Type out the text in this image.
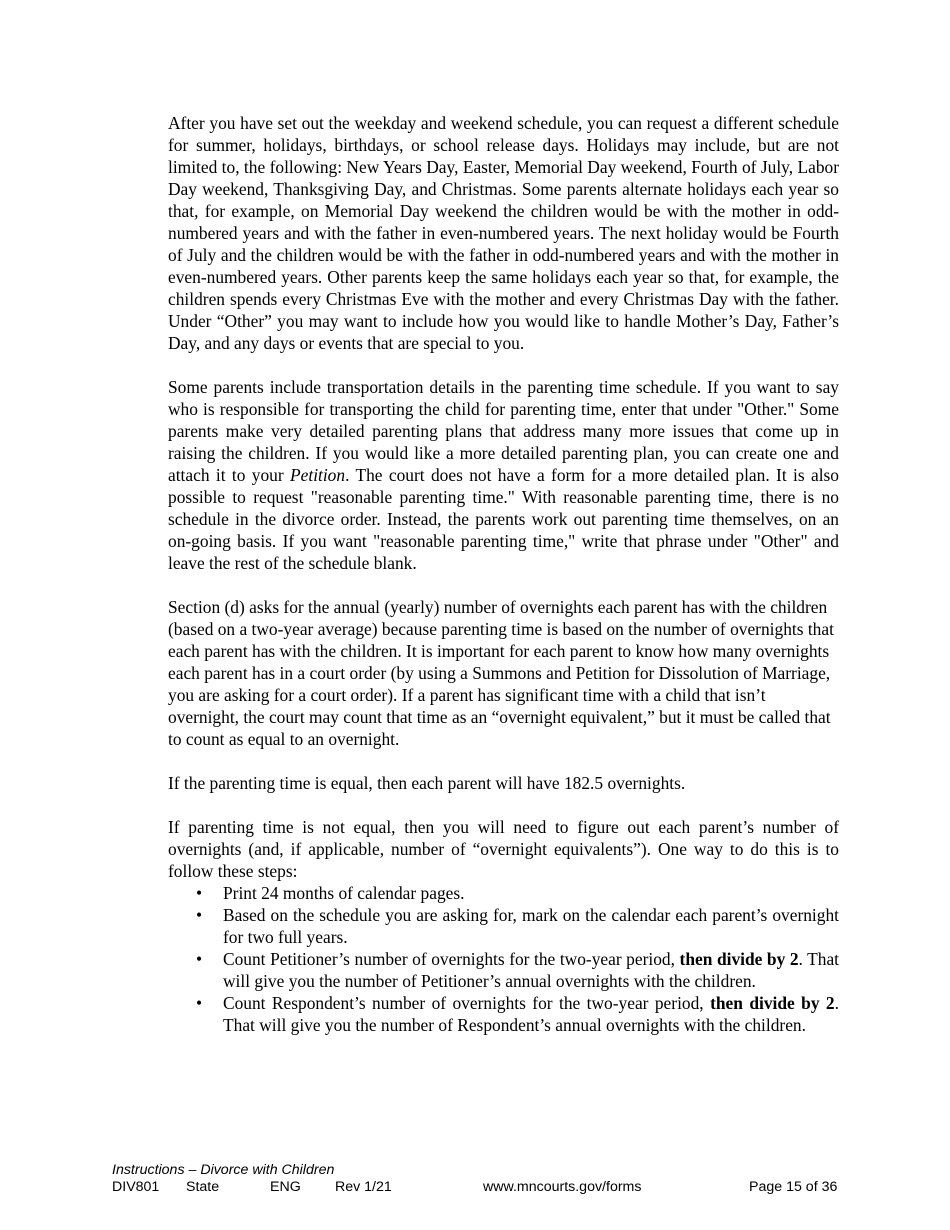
After you have set out the weekday and weekend schedule, you can request a different schedule for summer, holidays, birthdays, or school release days. Holidays may include, but are not limited to, the following: New Years Day, Easter, Memorial Day weekend, Fourth of July, Labor Day weekend, Thanksgiving Day, and Christmas. Some parents alternate holidays each year so that, for example, on Memorial Day weekend the children would be with the mother in odd-numbered years and with the father in even-numbered years. The next holiday would be Fourth of July and the children would be with the father in odd-numbered years and with the mother in even-numbered years. Other parents keep the same holidays each year so that, for example, the children spends every Christmas Eve with the mother and every Christmas Day with the father. Under “Other” you may want to include how you would like to handle Mother’s Day, Father’s Day, and any days or events that are special to you.

Some parents include transportation details in the parenting time schedule. If you want to say who is responsible for transporting the child for parenting time, enter that under "Other." Some parents make very detailed parenting plans that address many more issues that come up in raising the children. If you would like a more detailed parenting plan, you can create one and attach it to your Petition. The court does not have a form for a more detailed plan. It is also possible to request "reasonable parenting time." With reasonable parenting time, there is no schedule in the divorce order. Instead, the parents work out parenting time themselves, on an on-going basis. If you want "reasonable parenting time," write that phrase under "Other" and leave the rest of the schedule blank.

Section (d) asks for the annual (yearly) number of overnights each parent has with the children (based on a two-year average) because parenting time is based on the number of overnights that each parent has with the children. It is important for each parent to know how many overnights each parent has in a court order (by using a Summons and Petition for Dissolution of Marriage, you are asking for a court order). If a parent has significant time with a child that isn’t overnight, the court may count that time as an “overnight equivalent,” but it must be called that to count as equal to an overnight.

If the parenting time is equal, then each parent will have 182.5 overnights.

If parenting time is not equal, then you will need to figure out each parent’s number of overnights (and, if applicable, number of “overnight equivalents”). One way to do this is to follow these steps:

• Print 24 months of calendar pages.
• Based on the schedule you are asking for, mark on the calendar each parent’s overnight for two full years.
• Count Petitioner’s number of overnights for the two-year period, then divide by 2. That will give you the number of Petitioner’s annual overnights with the children.
• Count Respondent’s number of overnights for the two-year period, then divide by 2. That will give you the number of Respondent’s annual overnights with the children.
Instructions – Divorce with Children
DIV801 State	ENG Rev 1/21	www.mncourts.gov/forms	Page 15 of 36
